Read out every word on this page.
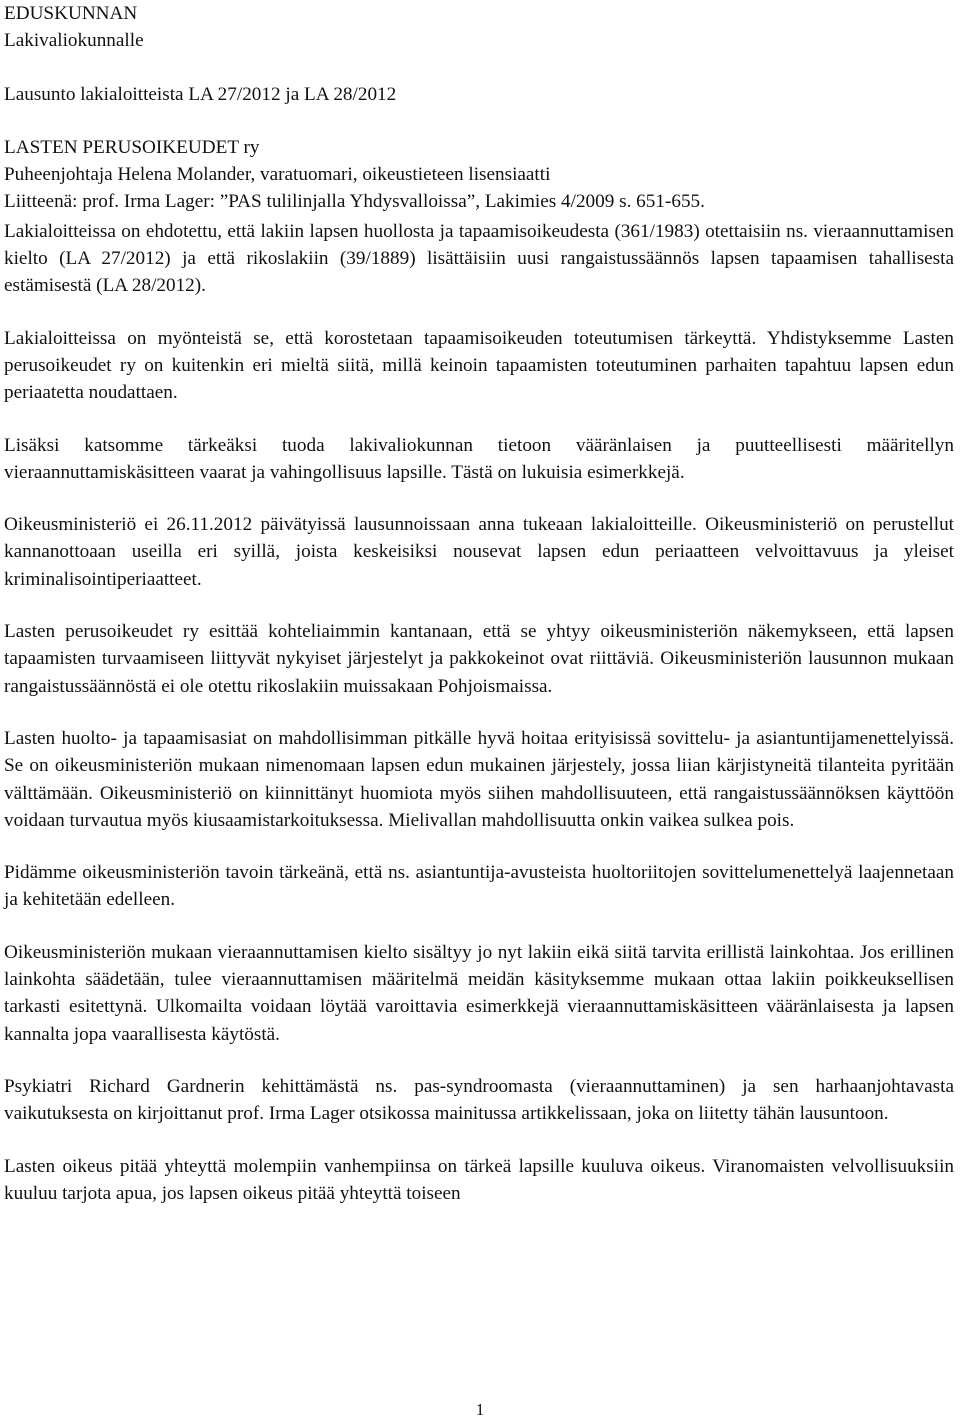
EDUSKUNNAN
Lakivaliokunnalle

Lausunto lakialoitteista LA 27/2012 ja LA 28/2012

LASTEN PERUSOIKEUDET ry
Puheenjohtaja Helena Molander, varatuomari, oikeustieteen lisensiaatti
Liitteenä: prof. Irma Lager: ”PAS tulilinjalla Yhdysvalloissa”, Lakimies 4/2009 s. 651-655.

Lakialoitteissa on ehdotettu, että lakiin lapsen huollosta ja tapaamisoikeudesta (361/1983) otettaisiin ns. vieraannuttamisen kielto (LA 27/2012) ja että rikoslakiin (39/1889) lisättäisiin uusi rangaistussäännös lapsen tapaamisen tahallisesta estämisestä (LA 28/2012).

Lakialoitteissa on myönteistä se, että korostetaan tapaamisoikeuden toteutumisen tärkeyttä. Yhdistyksemme Lasten perusoikeudet ry on kuitenkin eri mieltä siitä, millä keinoin tapaamisten toteutuminen parhaiten tapahtuu lapsen edun periaatetta noudattaen.

Lisäksi katsomme tärkeäksi tuoda lakivaliokunnan tietoon vääränlaisen ja puutteellisesti määritellyn vieraannuttamiskäsitteen vaarat ja vahingollisuus lapsille. Tästä on lukuisia esimerkkejä.

Oikeusministeriö ei 26.11.2012 päivätyissä lausunnoissaan anna tukeaan lakialoitteille. Oikeusministeriö on perustellut kannanottoaan useilla eri syillä, joista keskeisiksi nousevat lapsen edun periaatteen velvoittavuus ja yleiset kriminalisointiperiaatteet.

Lasten perusoikeudet ry esittää kohteliaimmin kantanaan, että se yhtyy oikeusministeriön näkemykseen, että lapsen tapaamisten turvaamiseen liittyvät nykyiset järjestelyt ja pakkokeinot ovat riittäviä. Oikeusministeriön lausunnon mukaan rangaistussäännöstä ei ole otettu rikoslakiin muissakaan Pohjoismaissa.

Lasten huolto- ja tapaamisasiat on mahdollisimman pitkälle hyvä hoitaa erityisissä sovittelu- ja asiantuntijamenettelyissä. Se on oikeusministeriön mukaan nimenomaan lapsen edun mukainen järjestely, jossa liian kärjistyneitä tilanteita pyritään välttämään. Oikeusministeriö on kiinnittänyt huomiota myös siihen mahdollisuuteen, että rangaistussäännöksen käyttöön voidaan turvautua myös kiusaamistarkoituksessa. Mielivallan mahdollisuutta onkin vaikea sulkea pois.

Pidämme oikeusministeriön tavoin tärkeänä, että ns. asiantuntija-avusteista huoltoriitojen sovittelumenettelyä laajennetaan ja kehitetään edelleen.

Oikeusministeriön mukaan vieraannuttamisen kielto sisältyy jo nyt lakiin eikä siitä tarvita erillistä lainkohtaa. Jos erillinen lainkohta säädetään, tulee vieraannuttamisen määritelmä meidän käsityksemme mukaan ottaa lakiin poikkeuksellisen tarkasti esitettynä. Ulkomailta voidaan löytää varoittavia esimerkkejä vieraannuttamiskäsitteen vääränlaisesta ja lapsen kannalta jopa vaarallisesta käytöstä.

Psykiatri Richard Gardnerin kehittämästä ns. pas-syndroomasta (vieraannuttaminen) ja sen harhaanjohtavasta vaikutuksesta on kirjoittanut prof. Irma Lager otsikossa mainitussa artikkelissaan, joka on liitetty tähän lausuntoon.

Lasten oikeus pitää yhteyttä molempiin vanhempiinsa on tärkeä lapsille kuuluva oikeus. Viranomaisten velvollisuuksiin kuuluu tarjota apua, jos lapsen oikeus pitää yhteyttä toiseen

1
